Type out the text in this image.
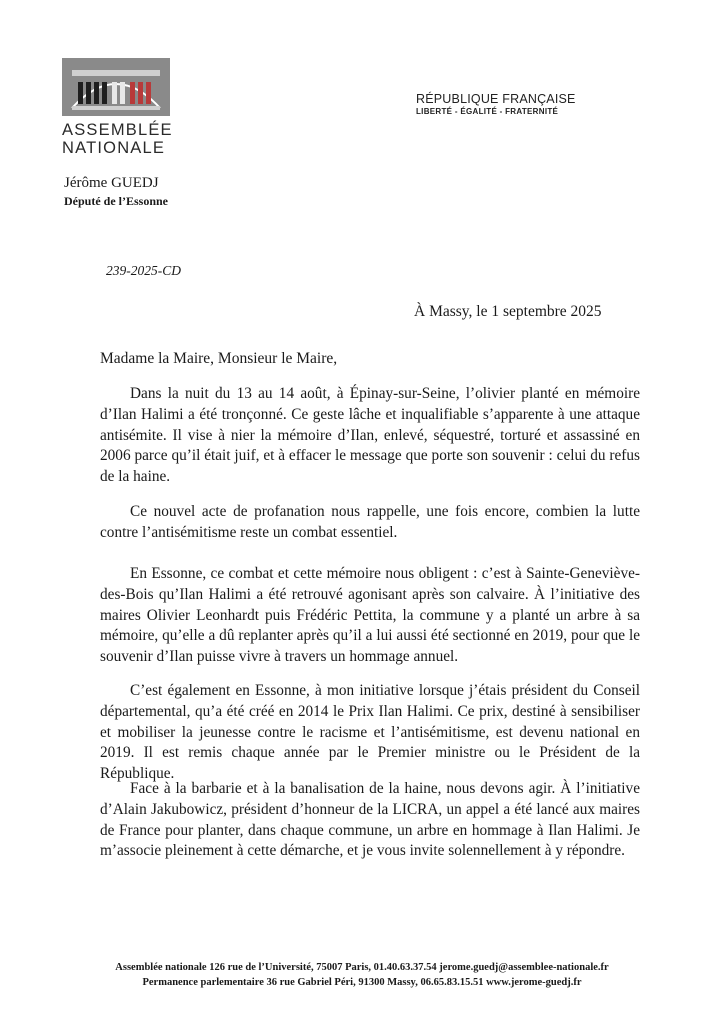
ASSEMBLÉE
NATIONALE
RÉPUBLIQUE FRANÇAISE
LIBERTÉ - ÉGALITÉ - FRATERNITÉ
Jérôme GUEDJ
Député de l’Essonne
239-2025-CD
À Massy, le 1 septembre 2025
Madame la Maire, Monsieur le Maire,

Dans la nuit du 13 au 14 août, à Épinay-sur-Seine, l’olivier planté en mémoire d’Ilan Halimi a été tronçonné. Ce geste lâche et inqualifiable s’apparente à une attaque antisémite. Il vise à nier la mémoire d’Ilan, enlevé, séquestré, torturé et assassiné en 2006 parce qu’il était juif, et à effacer le message que porte son souvenir : celui du refus de la haine.

Ce nouvel acte de profanation nous rappelle, une fois encore, combien la lutte contre l’antisémitisme reste un combat essentiel.

En Essonne, ce combat et cette mémoire nous obligent : c’est à Sainte-Geneviève-des-Bois qu’Ilan Halimi a été retrouvé agonisant après son calvaire. À l’initiative des maires Olivier Leonhardt puis Frédéric Pettita, la commune y a planté un arbre à sa mémoire, qu’elle a dû replanter après qu’il a lui aussi été sectionné en 2019, pour que le souvenir d’Ilan puisse vivre à travers un hommage annuel.

C’est également en Essonne, à mon initiative lorsque j’étais président du Conseil départemental, qu’a été créé en 2014 le Prix Ilan Halimi. Ce prix, destiné à sensibiliser et mobiliser la jeunesse contre le racisme et l’antisémitisme, est devenu national en 2019. Il est remis chaque année par le Premier ministre ou le Président de la République.

Face à la barbarie et à la banalisation de la haine, nous devons agir. À l’initiative d’Alain Jakubowicz, président d’honneur de la LICRA, un appel a été lancé aux maires de France pour planter, dans chaque commune, un arbre en hommage à Ilan Halimi. Je m’associe pleinement à cette démarche, et je vous invite solennellement à y répondre.

Assemblée nationale 126 rue de l’Université, 75007 Paris, 01.40.63.37.54 jerome.guedj@assemblee-nationale.fr
Permanence parlementaire 36 rue Gabriel Péri, 91300 Massy, 06.65.83.15.51 www.jerome-guedj.fr
